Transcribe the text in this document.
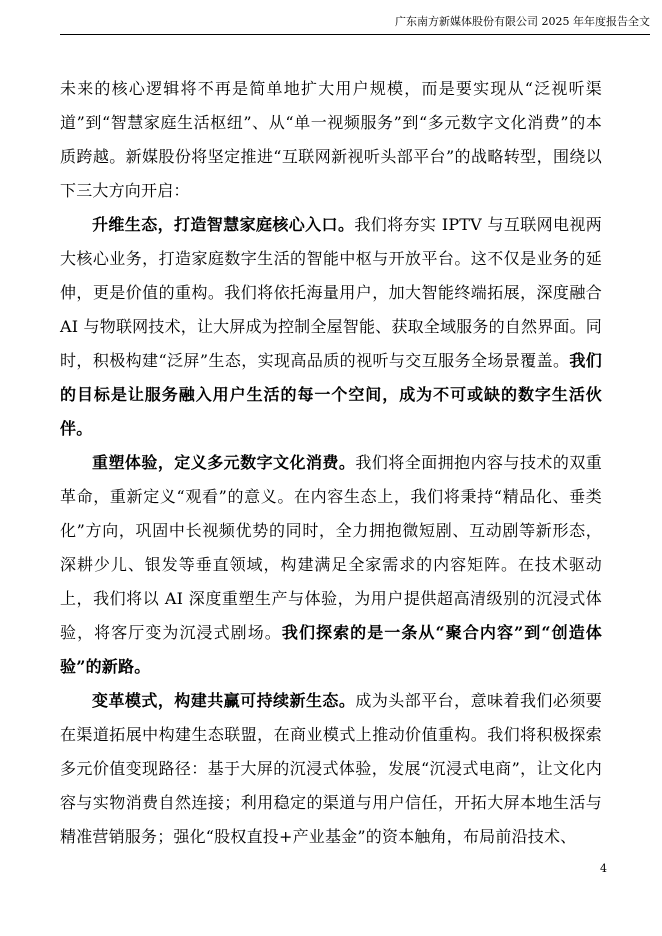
广东南方新媒体股份有限公司 2025 年年度报告全文

未来的核心逻辑将不再是简单地扩大用户规模，而是要实现从“泛视听渠道”到“智慧家庭生活枢纽”、从“单一视频服务”到“多元数字文化消费”的本质跨越。新媒股份将坚定推进“互联网新视听头部平台”的战略转型，围绕以下三大方向开启：

升维生态，打造智慧家庭核心入口。我们将夯实 IPTV 与互联网电视两大核心业务，打造家庭数字生活的智能中枢与开放平台。这不仅是业务的延伸，更是价值的重构。我们将依托海量用户，加大智能终端拓展，深度融合 AI 与物联网技术，让大屏成为控制全屋智能、获取全域服务的自然界面。同时，积极构建“泛屏”生态，实现高品质的视听与交互服务全场景覆盖。我们的目标是让服务融入用户生活的每一个空间，成为不可或缺的数字生活伙伴。

重塑体验，定义多元数字文化消费。我们将全面拥抱内容与技术的双重革命，重新定义“观看”的意义。在内容生态上，我们将秉持“精品化、垂类化”方向，巩固中长视频优势的同时，全力拥抱微短剧、互动剧等新形态，深耕少儿、银发等垂直领域，构建满足全家需求的内容矩阵。在技术驱动上，我们将以 AI 深度重塑生产与体验，为用户提供超高清级别的沉浸式体验，将客厅变为沉浸式剧场。我们探索的是一条从“聚合内容”到“创造体验”的新路。

变革模式，构建共赢可持续新生态。成为头部平台，意味着我们必须要在渠道拓展中构建生态联盟，在商业模式上推动价值重构。我们将积极探索多元价值变现路径：基于大屏的沉浸式体验，发展“沉浸式电商”，让文化内容与实物消费自然连接；利用稳定的渠道与用户信任，开拓大屏本地生活与精准营销服务；强化“股权直投+产业基金”的资本触角，布局前沿技术、

4
